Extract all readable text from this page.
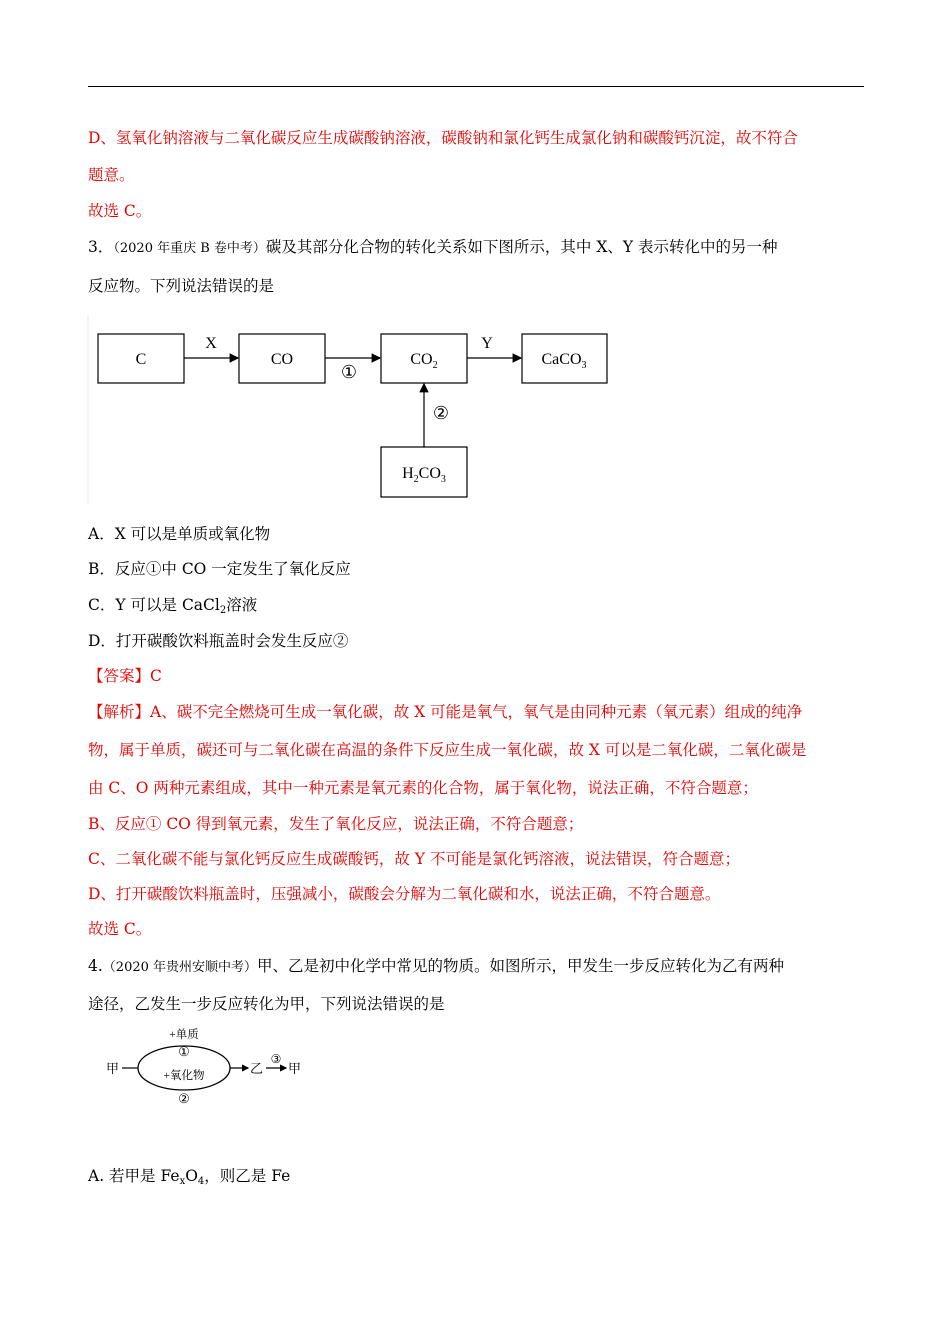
D、氢氧化钠溶液与二氧化碳反应生成碳酸钠溶液，碳酸钠和氯化钙生成氯化钠和碳酸钙沉淀，故不符合
题意。
故选 C。
3．（2020 年重庆 B 卷中考）碳及其部分化合物的转化关系如下图所示，其中 X、Y 表示转化中的另一种
反应物。下列说法错误的是
C	CO	$CO_2$	CaCO$_3$
$H_2CO_3$
X
①
Y
②
A．X 可以是单质或氧化物
B．反应①中 CO 一定发生了氧化反应
C．Y 可以是 CaCl$_2$溶液
D．打开碳酸饮料瓶盖时会发生反应②
【答案】C
【解析】A、碳不完全燃烧可生成一氧化碳，故 X 可能是氧气，氧气是由同种元素（氧元素）组成的纯净
物，属于单质，碳还可与二氧化碳在高温的条件下反应生成一氧化碳，故 X 可以是二氧化碳，二氧化碳是
由 C、O 两种元素组成，其中一种元素是氧元素的化合物，属于氧化物，说法正确，不符合题意；
B、反应① CO 得到氧元素，发生了氧化反应，说法正确，不符合题意；
C、二氧化碳不能与氯化钙反应生成碳酸钙，故 Y 不可能是氯化钙溶液，说法错误，符合题意；
D、打开碳酸饮料瓶盖时，压强减小，碳酸会分解为二氧化碳和水，说法正确，不符合题意。
故选 C。
4.（2020 年贵州安顺中考）甲、乙是初中化学中常见的物质。如图所示，甲发生一步反应转化为乙有两种
途径，乙发生一步反应转化为甲，下列说法错误的是
甲
+单质
①
+氧化物
②
乙
③
甲
A. 若甲是 $Fe_xO_4$，则乙是 Fe
